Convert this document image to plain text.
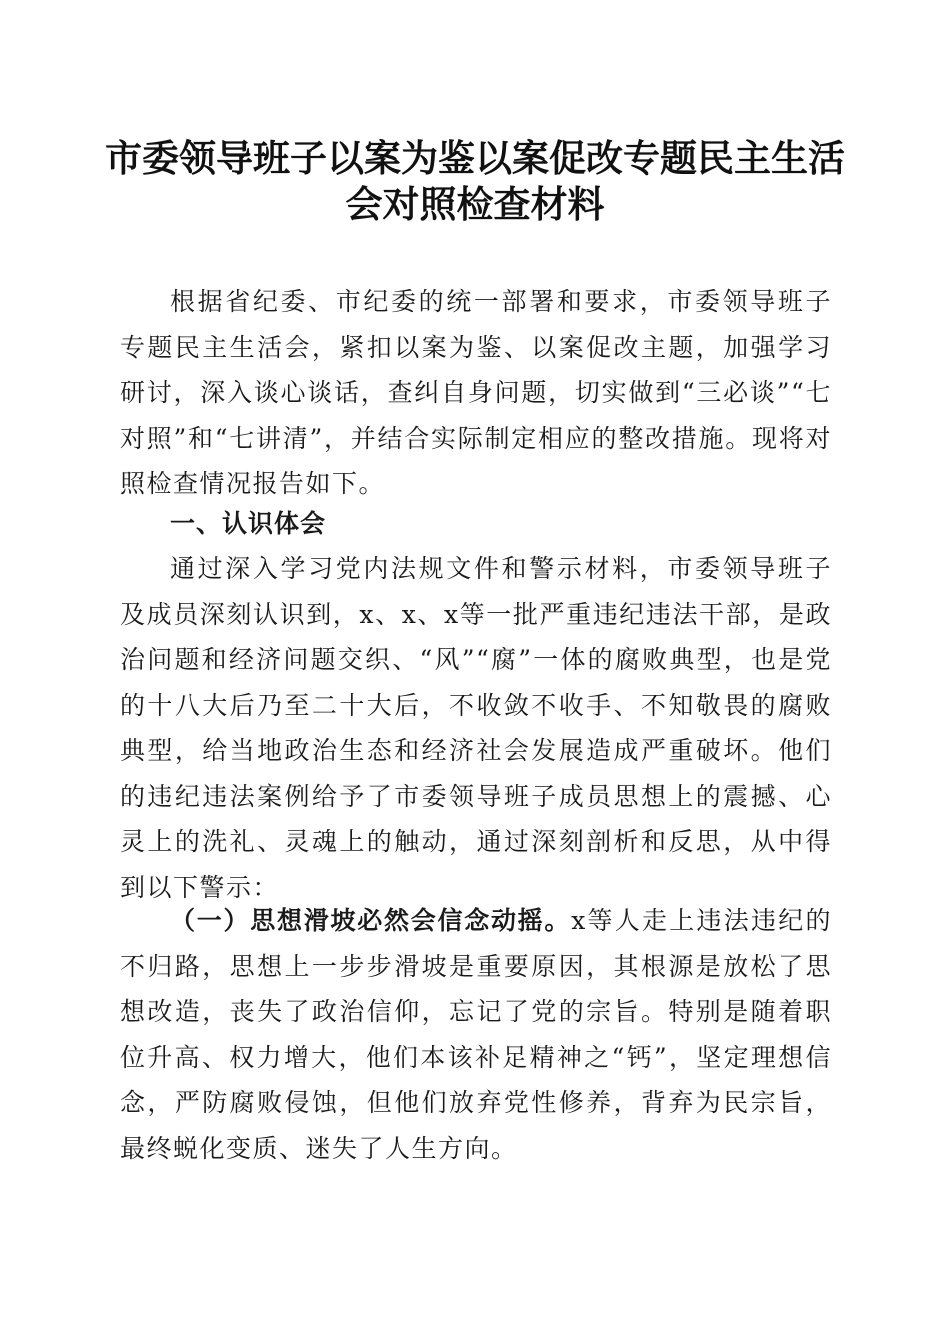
市委领导班子以案为鉴以案促改专题民主生活
会对照检查材料

根据省纪委、市纪委的统一部署和要求，市委领导班子专题民主生活会，紧扣以案为鉴、以案促改主题，加强学习研讨，深入谈心谈话，查纠自身问题，切实做到“三必谈”“七对照”和“七讲清”，并结合实际制定相应的整改措施。现将对照检查情况报告如下。

一、认识体会

通过深入学习党内法规文件和警示材料，市委领导班子及成员深刻认识到，x、x、x等一批严重违纪违法干部，是政治问题和经济问题交织、“风”“腐”一体的腐败典型，也是党的十八大后乃至二十大后，不收敛不收手、不知敬畏的腐败典型，给当地政治生态和经济社会发展造成严重破坏。他们的违纪违法案例给予了市委领导班子成员思想上的震撼、心灵上的洗礼、灵魂上的触动，通过深刻剖析和反思，从中得到以下警示：

（一）思想滑坡必然会信念动摇。x等人走上违法违纪的不归路，思想上一步步滑坡是重要原因，其根源是放松了思想改造，丧失了政治信仰，忘记了党的宗旨。特别是随着职位升高、权力增大，他们本该补足精神之“钙”，坚定理想信念，严防腐败侵蚀，但他们放弃党性修养，背弃为民宗旨，最终蜕化变质、迷失了人生方向。
